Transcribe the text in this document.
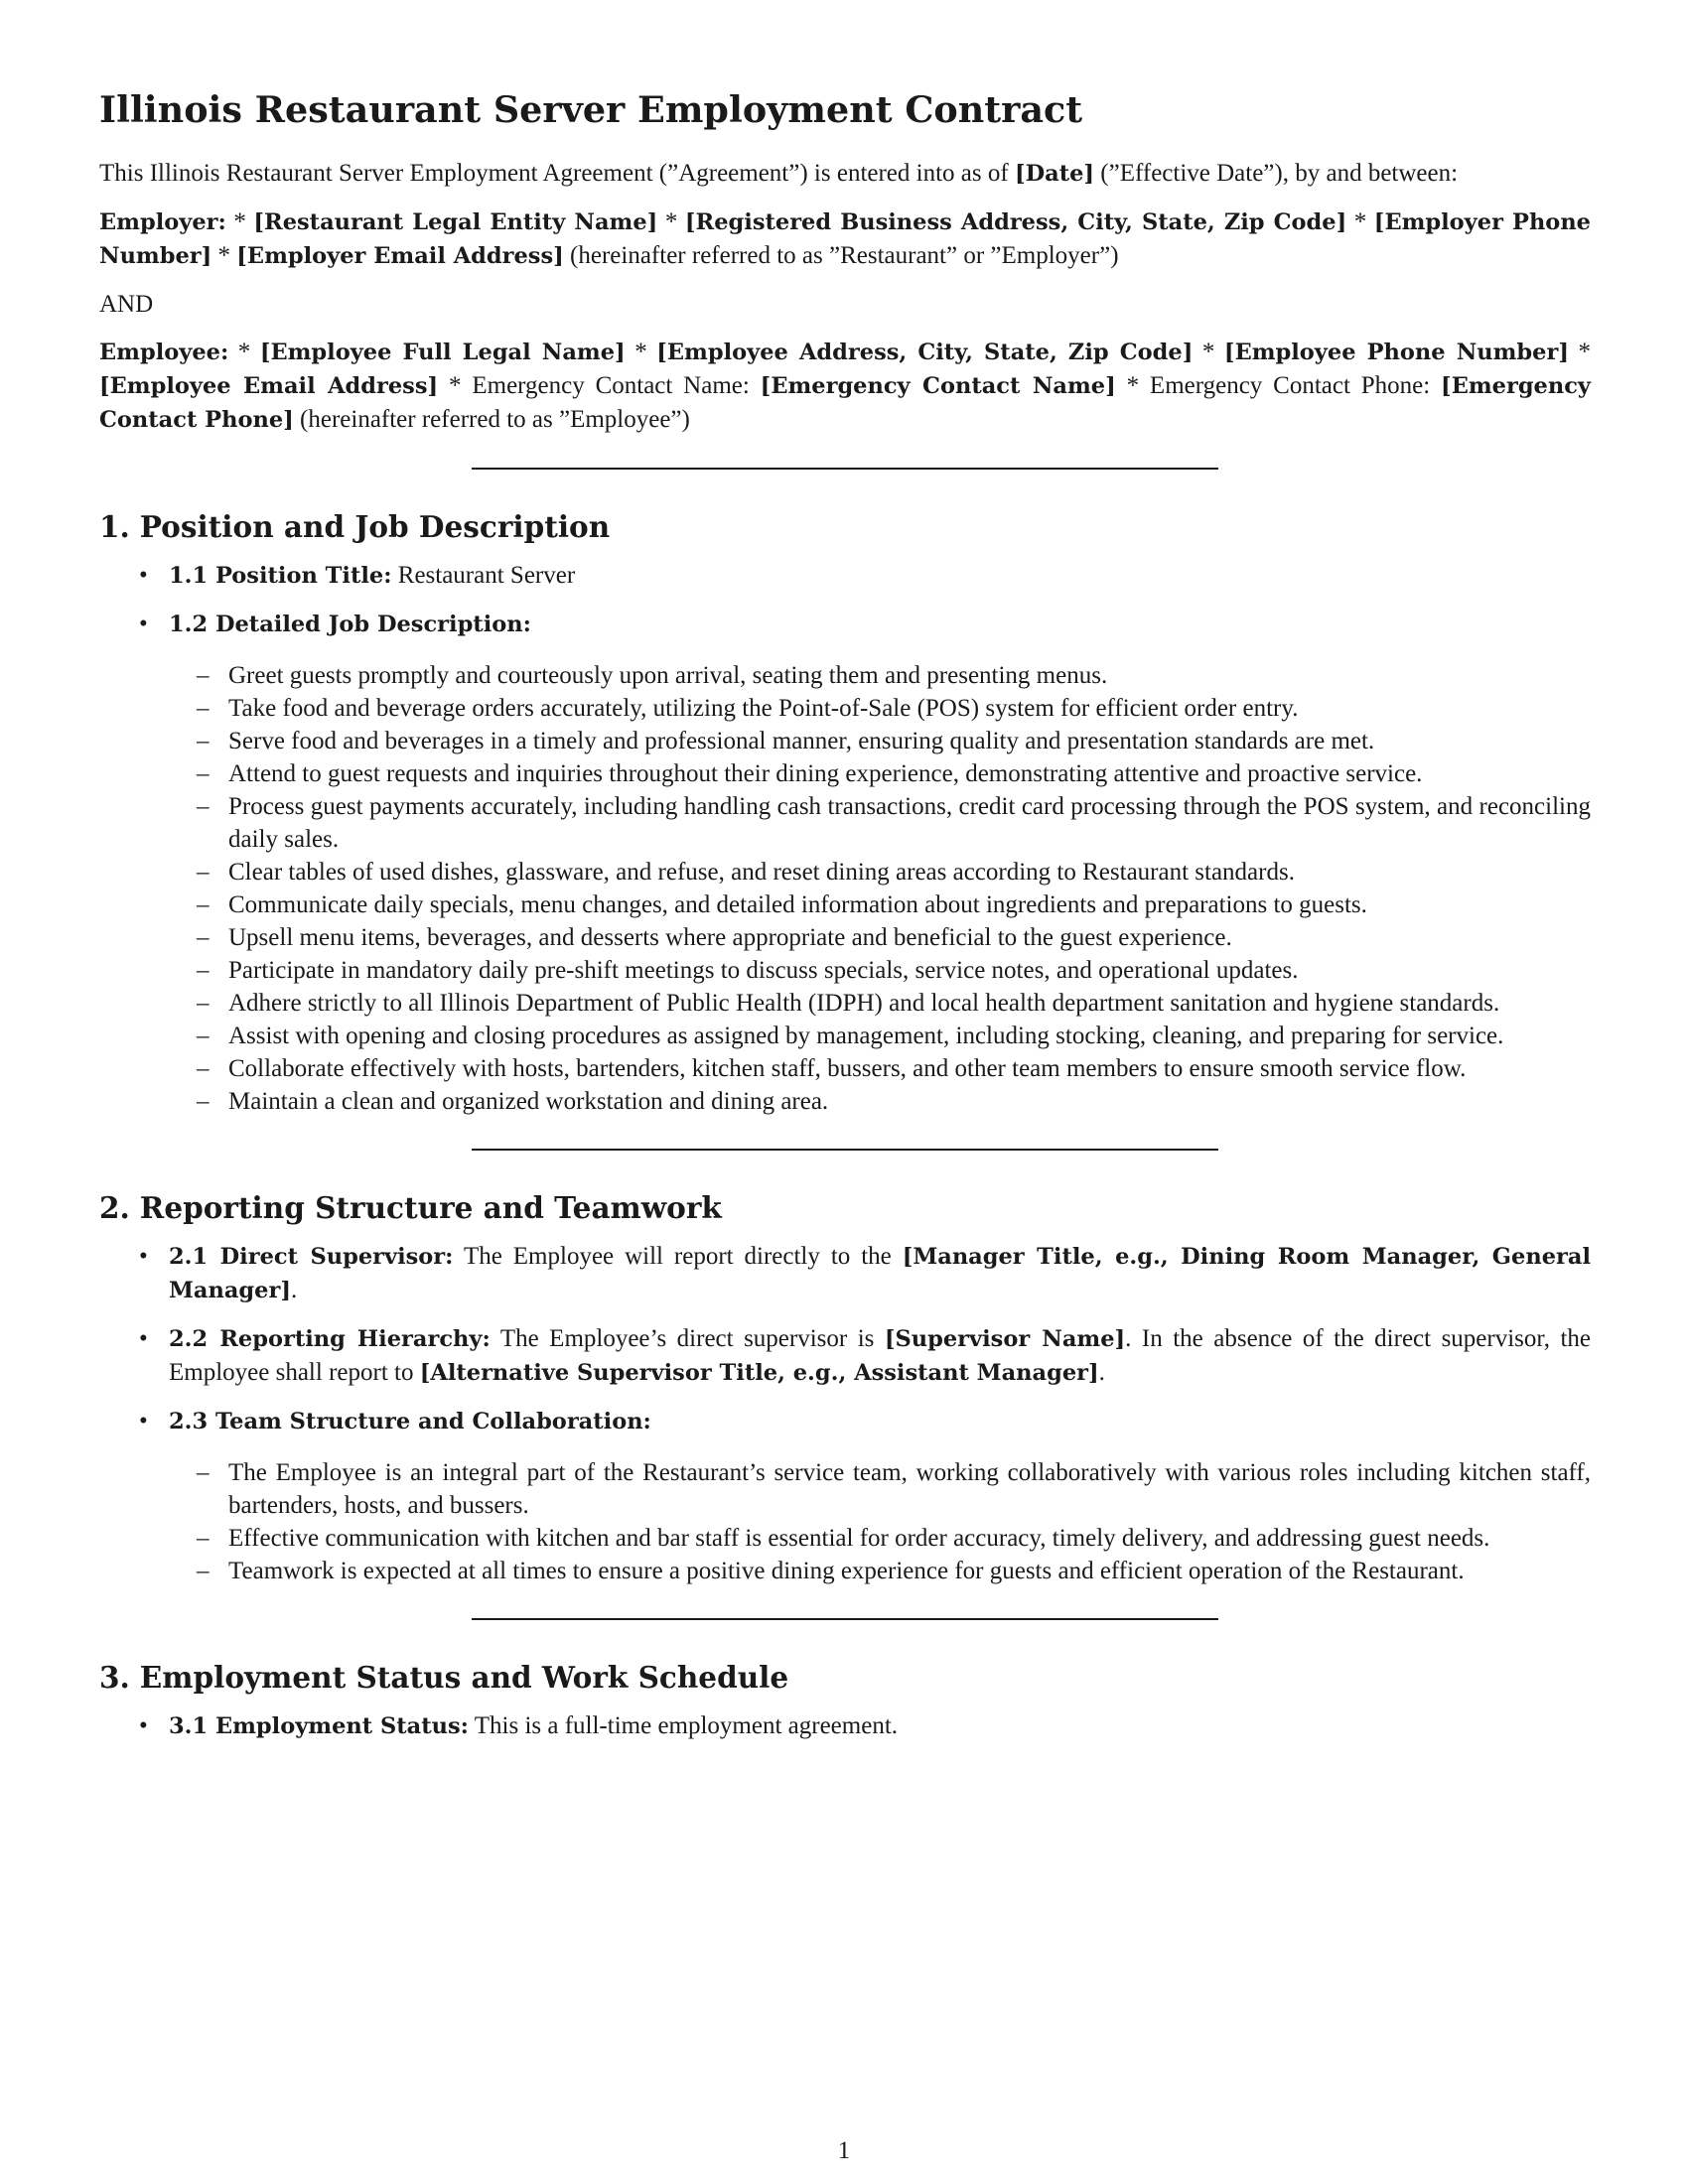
Illinois Restaurant Server Employment Contract

This Illinois Restaurant Server Employment Agreement (”Agreement”) is entered into as of [Date] (”Effective Date”), by and between:

Employer: * [Restaurant Legal Entity Name] * [Registered Business Address, City, State, Zip Code] * [Employer Phone Number] * [Employer Email Address] (hereinafter referred to as ”Restaurant” or ”Employer”)

AND

Employee: * [Employee Full Legal Name] * [Employee Address, City, State, Zip Code] * [Employee Phone Number] * [Employee Email Address] * Emergency Contact Name: [Emergency Contact Name] * Emergency Contact Phone: [Emergency Contact Phone] (hereinafter referred to as ”Employee”)

1. Position and Job Description
• 1.1 Position Title: Restaurant Server
• 1.2 Detailed Job Description:
– Greet guests promptly and courteously upon arrival, seating them and presenting menus.
– Take food and beverage orders accurately, utilizing the Point-of-Sale (POS) system for efficient order entry.
– Serve food and beverages in a timely and professional manner, ensuring quality and presentation standards are met.
– Attend to guest requests and inquiries throughout their dining experience, demonstrating attentive and proactive service.
– Process guest payments accurately, including handling cash transactions, credit card processing through the POS system, and reconciling daily sales.
– Clear tables of used dishes, glassware, and refuse, and reset dining areas according to Restaurant standards.
– Communicate daily specials, menu changes, and detailed information about ingredients and preparations to guests.
– Upsell menu items, beverages, and desserts where appropriate and beneficial to the guest experience.
– Participate in mandatory daily pre-shift meetings to discuss specials, service notes, and operational updates.
– Adhere strictly to all Illinois Department of Public Health (IDPH) and local health department sanitation and hygiene standards.
– Assist with opening and closing procedures as assigned by management, including stocking, cleaning, and preparing for service.
– Collaborate effectively with hosts, bartenders, kitchen staff, bussers, and other team members to ensure smooth service flow.
– Maintain a clean and organized workstation and dining area.
2. Reporting Structure and Teamwork
• 2.1 Direct Supervisor: The Employee will report directly to the [Manager Title, e.g., Dining Room Manager, General Manager].
• 2.2 Reporting Hierarchy: The Employee’s direct supervisor is [Supervisor Name]. In the absence of the direct supervisor, the Employee shall report to [Alternative Supervisor Title, e.g., Assistant Manager].
• 2.3 Team Structure and Collaboration:
– The Employee is an integral part of the Restaurant’s service team, working collaboratively with various roles including kitchen staff, bartenders, hosts, and bussers.
– Effective communication with kitchen and bar staff is essential for order accuracy, timely delivery, and addressing guest needs.
– Teamwork is expected at all times to ensure a positive dining experience for guests and efficient operation of the Restaurant.
3. Employment Status and Work Schedule
• 3.1 Employment Status: This is a full-time employment agreement.
1
